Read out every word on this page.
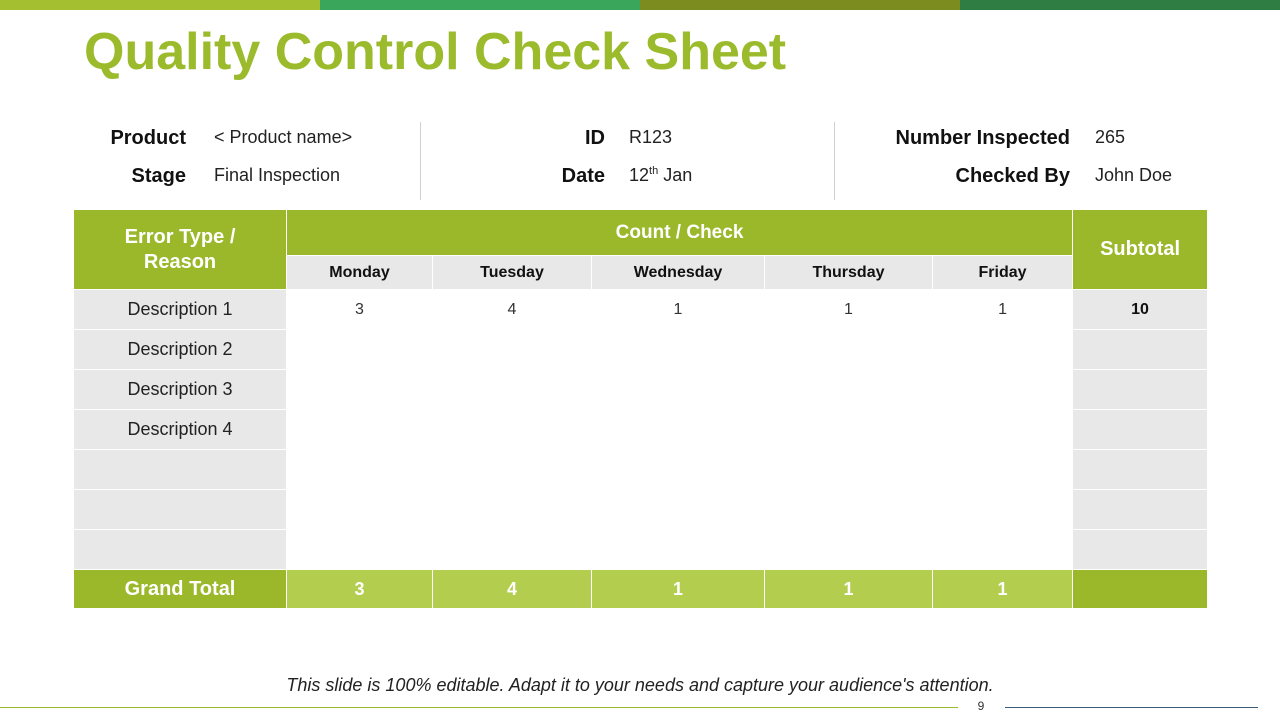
Quality Control Check Sheet
Product < Product name>
Stage Final Inspection
ID R123
Date 12th Jan
Number Inspected 265
Checked By John Doe
Error Type / Reason	Count / Check					Subtotal
	Monday	Tuesday	Wednesday	Thursday	Friday	
Description 1	3	4	1	1	1	10
Description 2						
Description 3						
Description 4						

Grand Total	3	4	1	1	1	
This slide is 100% editable. Adapt it to your needs and capture your audience's attention.
9
